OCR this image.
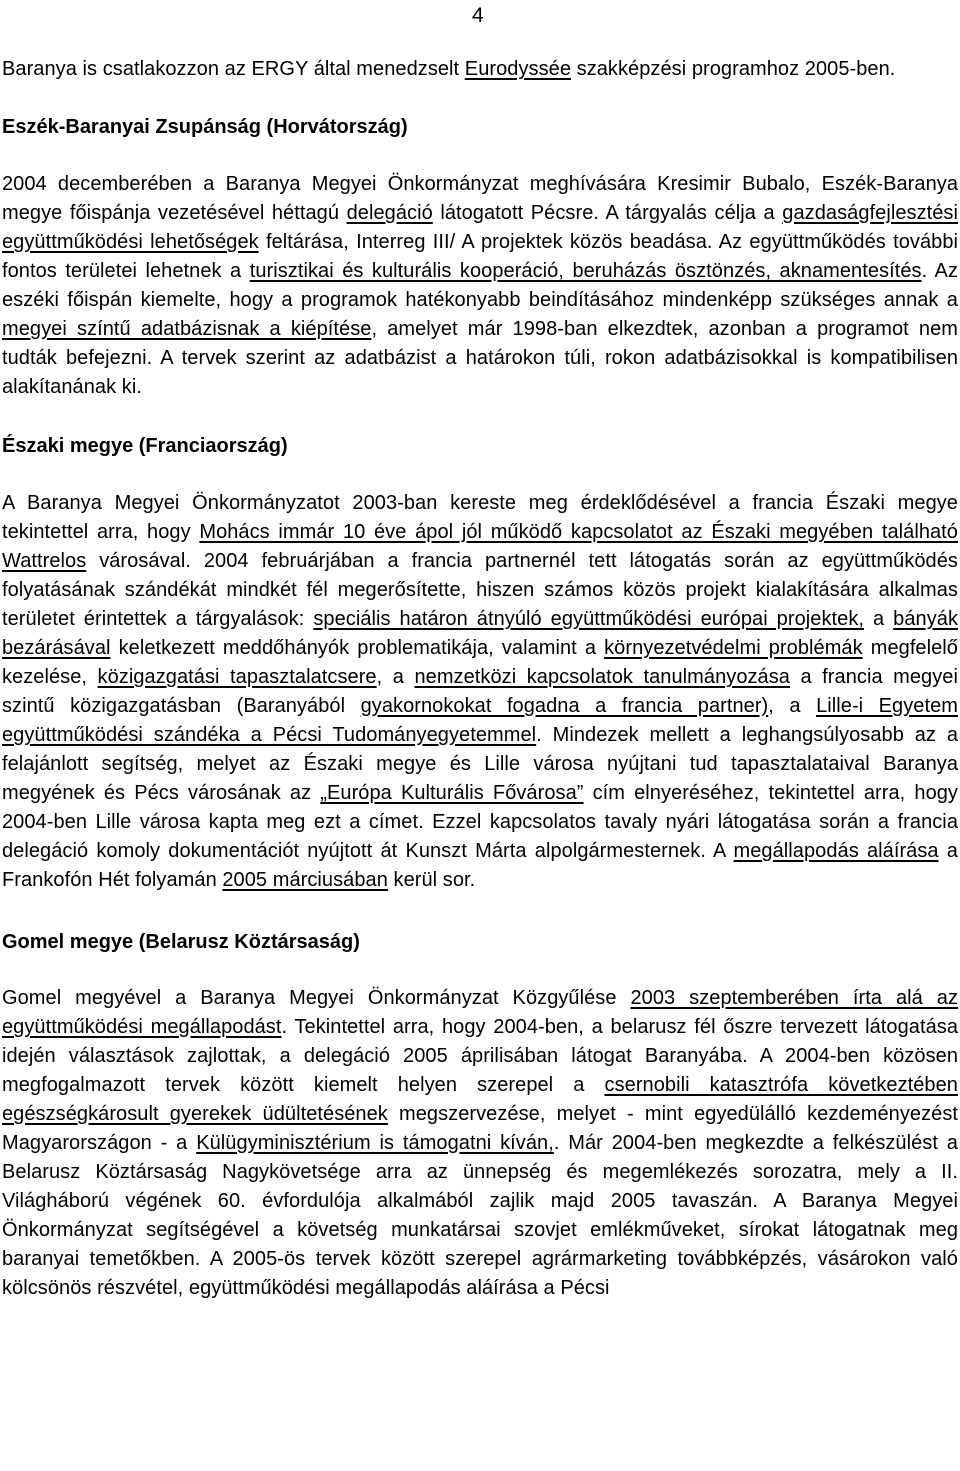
4

Baranya is csatlakozzon az ERGY által menedzselt Eurodyssée szakképzési programhoz 2005-ben.

Eszék-Baranyai Zsupánság (Horvátország)

2004 decemberében a Baranya Megyei Önkormányzat meghívására Kresimir Bubalo, Eszék-Baranya megye főispánja vezetésével héttagú delegáció látogatott Pécsre. A tárgyalás célja a gazdaságfejlesztési együttműködési lehetőségek feltárása, Interreg III/ A projektek közös beadása. Az együttműködés további fontos területei lehetnek a turisztikai és kulturális kooperáció, beruházás ösztönzés, aknamentesítés. Az eszéki főispán kiemelte, hogy a programok hatékonyabb beindításához mindenképp szükséges annak a megyei színtű adatbázisnak a kiépítése, amelyet már 1998-ban elkezdtek, azonban a programot nem tudták befejezni. A tervek szerint az adatbázist a határokon túli, rokon adatbázisokkal is kompatibilisen alakítanának ki.

Északi megye (Franciaország)

A Baranya Megyei Önkormányzatot 2003-ban kereste meg érdeklődésével a francia Északi megye tekintettel arra, hogy Mohács immár 10 éve ápol jól működő kapcsolatot az Északi megyében található Wattrelos városával. 2004 februárjában a francia partnernél tett látogatás során az együttműködés folyatásának szándékát mindkét fél megerősítette, hiszen számos közös projekt kialakítására alkalmas területet érintettek a tárgyalások: speciális határon átnyúló együttműködési európai projektek, a bányák bezárásával keletkezett meddőhányók problematikája, valamint a környezetvédelmi problémák megfelelő kezelése, közigazgatási tapasztalatcsere, a nemzetközi kapcsolatok tanulmányozása a francia megyei szintű közigazgatásban (Baranyából gyakornokokat fogadna a francia partner), a Lille-i Egyetem együttműködési szándéka a Pécsi Tudományegyetemmel. Mindezek mellett a leghangsúlyosabb az a felajánlott segítség, melyet az Északi megye és Lille városa nyújtani tud tapasztalataival Baranya megyének és Pécs városának az „Európa Kulturális Fővárosa” cím elnyeréséhez, tekintettel arra, hogy 2004-ben Lille városa kapta meg ezt a címet. Ezzel kapcsolatos tavaly nyári látogatása során a francia delegáció komoly dokumentációt nyújtott át Kunszt Márta alpolgármesternek. A megállapodás aláírása a Frankofón Hét folyamán 2005 márciusában kerül sor.

Gomel megye (Belarusz Köztársaság)

Gomel megyével a Baranya Megyei Önkormányzat Közgyűlése 2003 szeptemberében írta alá az együttműködési megállapodást. Tekintettel arra, hogy 2004-ben, a belarusz fél őszre tervezett látogatása idején választások zajlottak, a delegáció 2005 áprilisában látogat Baranyába. A 2004-ben közösen megfogalmazott tervek között kiemelt helyen szerepel a csernobili katasztrófa következtében egészségkárosult gyerekek üdültetésének megszervezése, melyet - mint egyedülálló kezdeményezést Magyarországon - a Külügyminisztérium is támogatni kíván,. Már 2004-ben megkezdte a felkészülést a Belarusz Köztársaság Nagykövetsége arra az ünnepség és megemlékezés sorozatra, mely a II. Világháború végének 60. évfordulója alkalmából zajlik majd 2005 tavaszán. A Baranya Megyei Önkormányzat segítségével a követség munkatársai szovjet emlékműveket, sírokat látogatnak meg baranyai temetőkben. A 2005-ös tervek között szerepel agrármarketing továbbképzés, vásárokon való kölcsönös részvétel, együttműködési megállapodás aláírása a Pécsi
